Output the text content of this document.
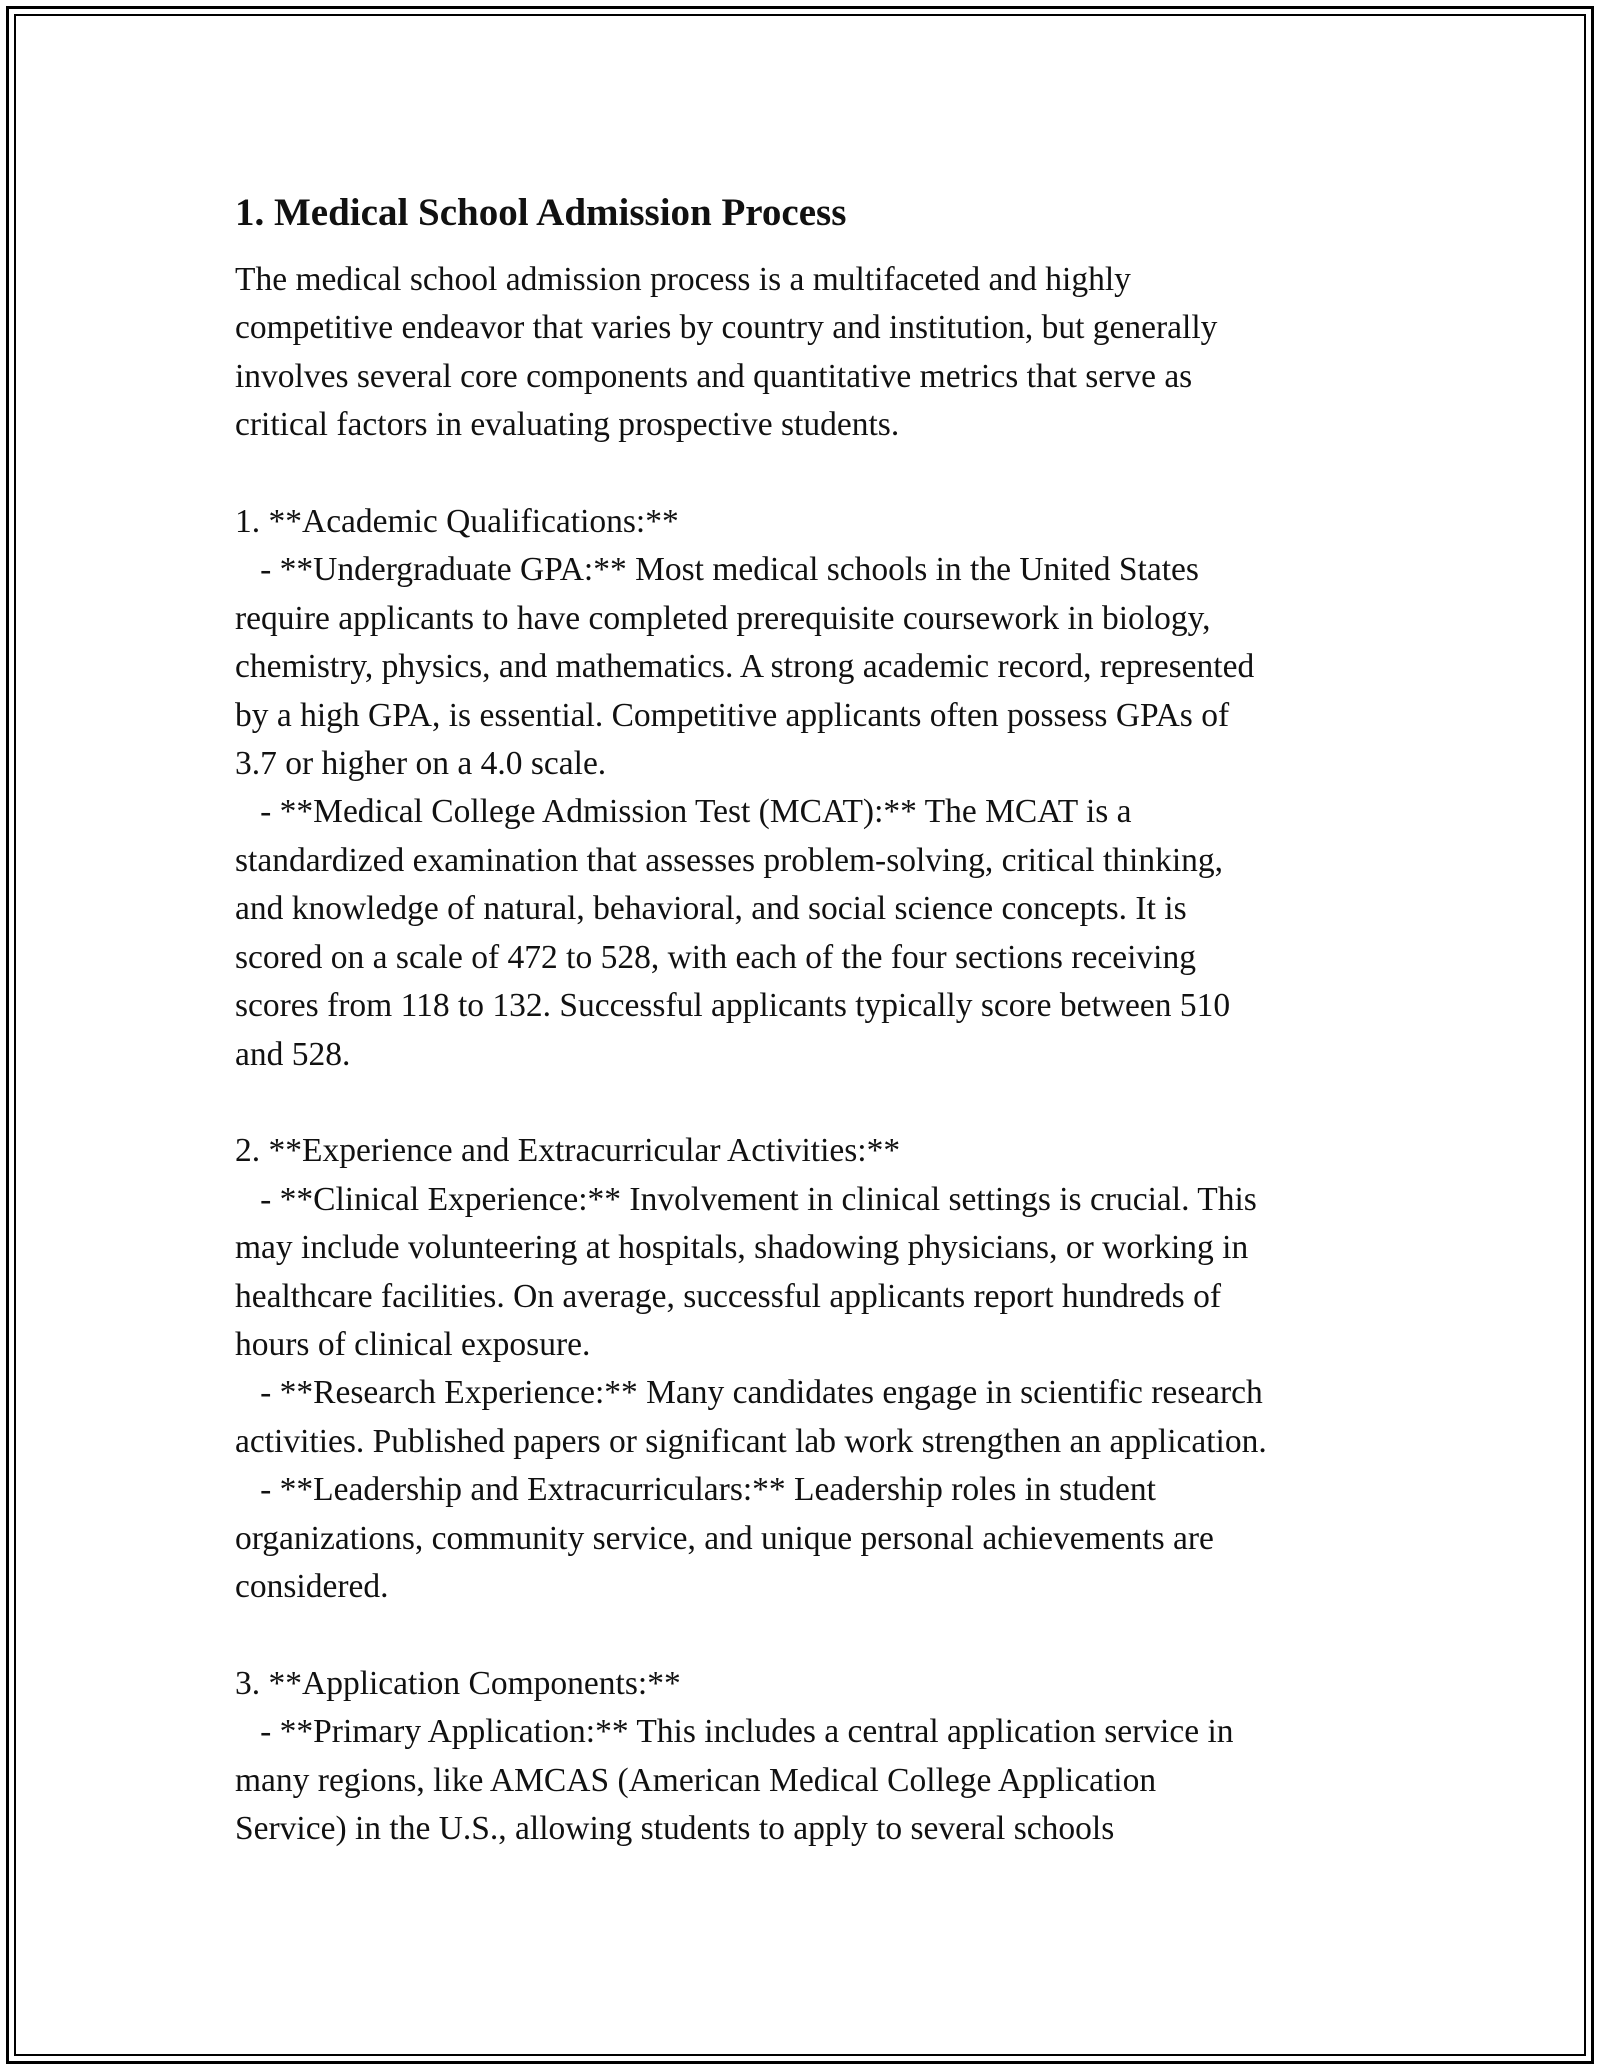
1. Medical School Admission Process
The medical school admission process is a multifaceted and highly
competitive endeavor that varies by country and institution, but generally
involves several core components and quantitative metrics that serve as
critical factors in evaluating prospective students.

1. **Academic Qualifications:**
- **Undergraduate GPA:** Most medical schools in the United States
require applicants to have completed prerequisite coursework in biology,
chemistry, physics, and mathematics. A strong academic record, represented
by a high GPA, is essential. Competitive applicants often possess GPAs of
3.7 or higher on a 4.0 scale.
- **Medical College Admission Test (MCAT):** The MCAT is a
standardized examination that assesses problem-solving, critical thinking,
and knowledge of natural, behavioral, and social science concepts. It is
scored on a scale of 472 to 528, with each of the four sections receiving
scores from 118 to 132. Successful applicants typically score between 510
and 528.

2. **Experience and Extracurricular Activities:**
- **Clinical Experience:** Involvement in clinical settings is crucial. This
may include volunteering at hospitals, shadowing physicians, or working in
healthcare facilities. On average, successful applicants report hundreds of
hours of clinical exposure.
- **Research Experience:** Many candidates engage in scientific research
activities. Published papers or significant lab work strengthen an application.
- **Leadership and Extracurriculars:** Leadership roles in student
organizations, community service, and unique personal achievements are
considered.

3. **Application Components:**
- **Primary Application:** This includes a central application service in
many regions, like AMCAS (American Medical College Application
Service) in the U.S., allowing students to apply to several schools
